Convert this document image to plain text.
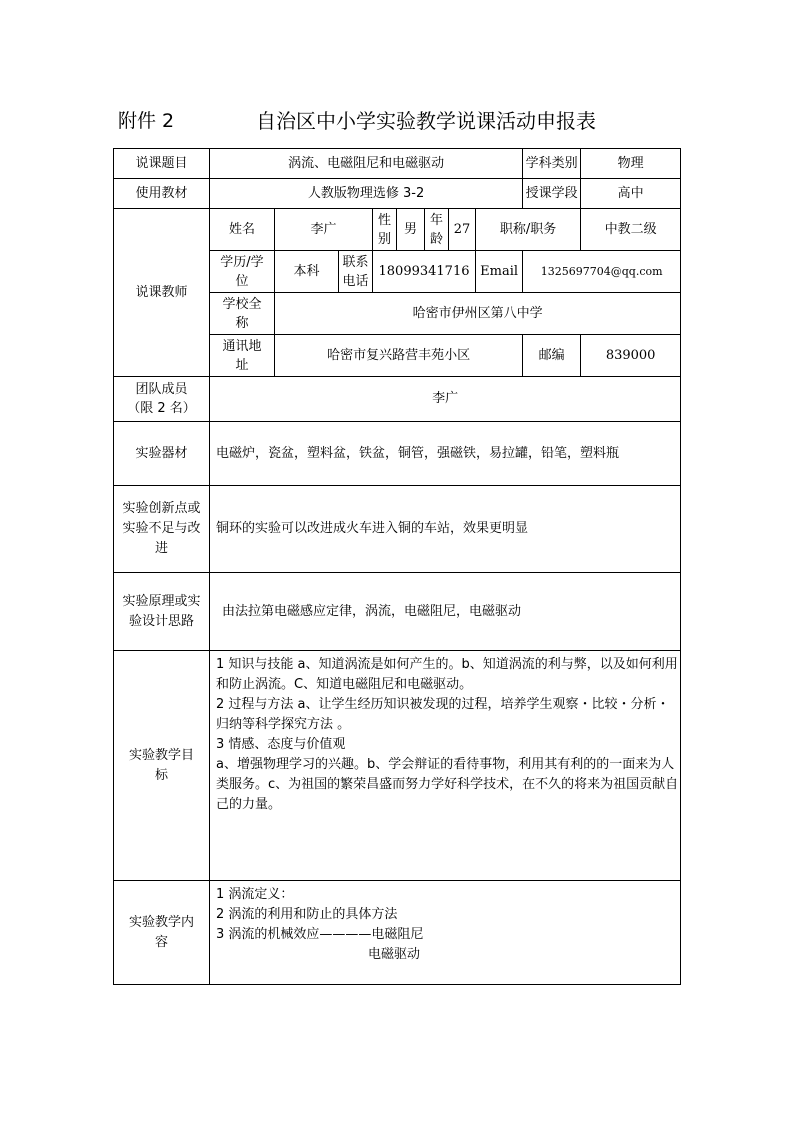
附件 2	自治区中小学实验教学说课活动申报表
说课题目	涡流、电磁阻尼和电磁驱动								学科类别	物理
使用教材	人教版物理选修 3-2								授课学段	高中
说课教师	姓名	李广		性别	男	年龄	27	职称/职务		中教二级

	学历/学位	本科	联系电话	18099341716				Email	1325697704@qq.com	

	学校全称	哈密市伊州区第八中学								

	通讯地址	哈密市复兴路营丰苑小区							邮编	839000

团队成员（限 2 名）	李广									
实验器材	电磁炉，瓷盆，塑料盆，铁盆，铜管，强磁铁，易拉罐，铅笔，塑料瓶									

实验创新点或实验不足与改进	铜环的实验可以改进成火车进入铜的车站，效果更明显									

实验原理或实验设计思路	由法拉第电磁感应定律，涡流，电磁阻尼，电磁驱动									

实验教学目标	1 知识与技能 a、知道涡流是如何产生的。b、知道涡流的利与弊，以及如何利用和防止涡流。C、知道电磁阻尼和电磁驱动。
2 过程与方法 a、让学生经历知识被发现的过程，培养学生观察・比较・分析・ 归纳等科学探究方法 。
3 情感、态度与价值观
a、增强物理学习的兴趣。b、学会辩证的看待事物，利用其有利的的一面来为人类服务。c、为祖国的繁荣昌盛而努力学好科学技术，在不久的将来为祖国贡献自己的力量。									

实验教学内容	1 涡流定义：
2 涡流的利用和防止的具体方法
3 涡流的机械效应————电磁阻尼
电磁驱动									
